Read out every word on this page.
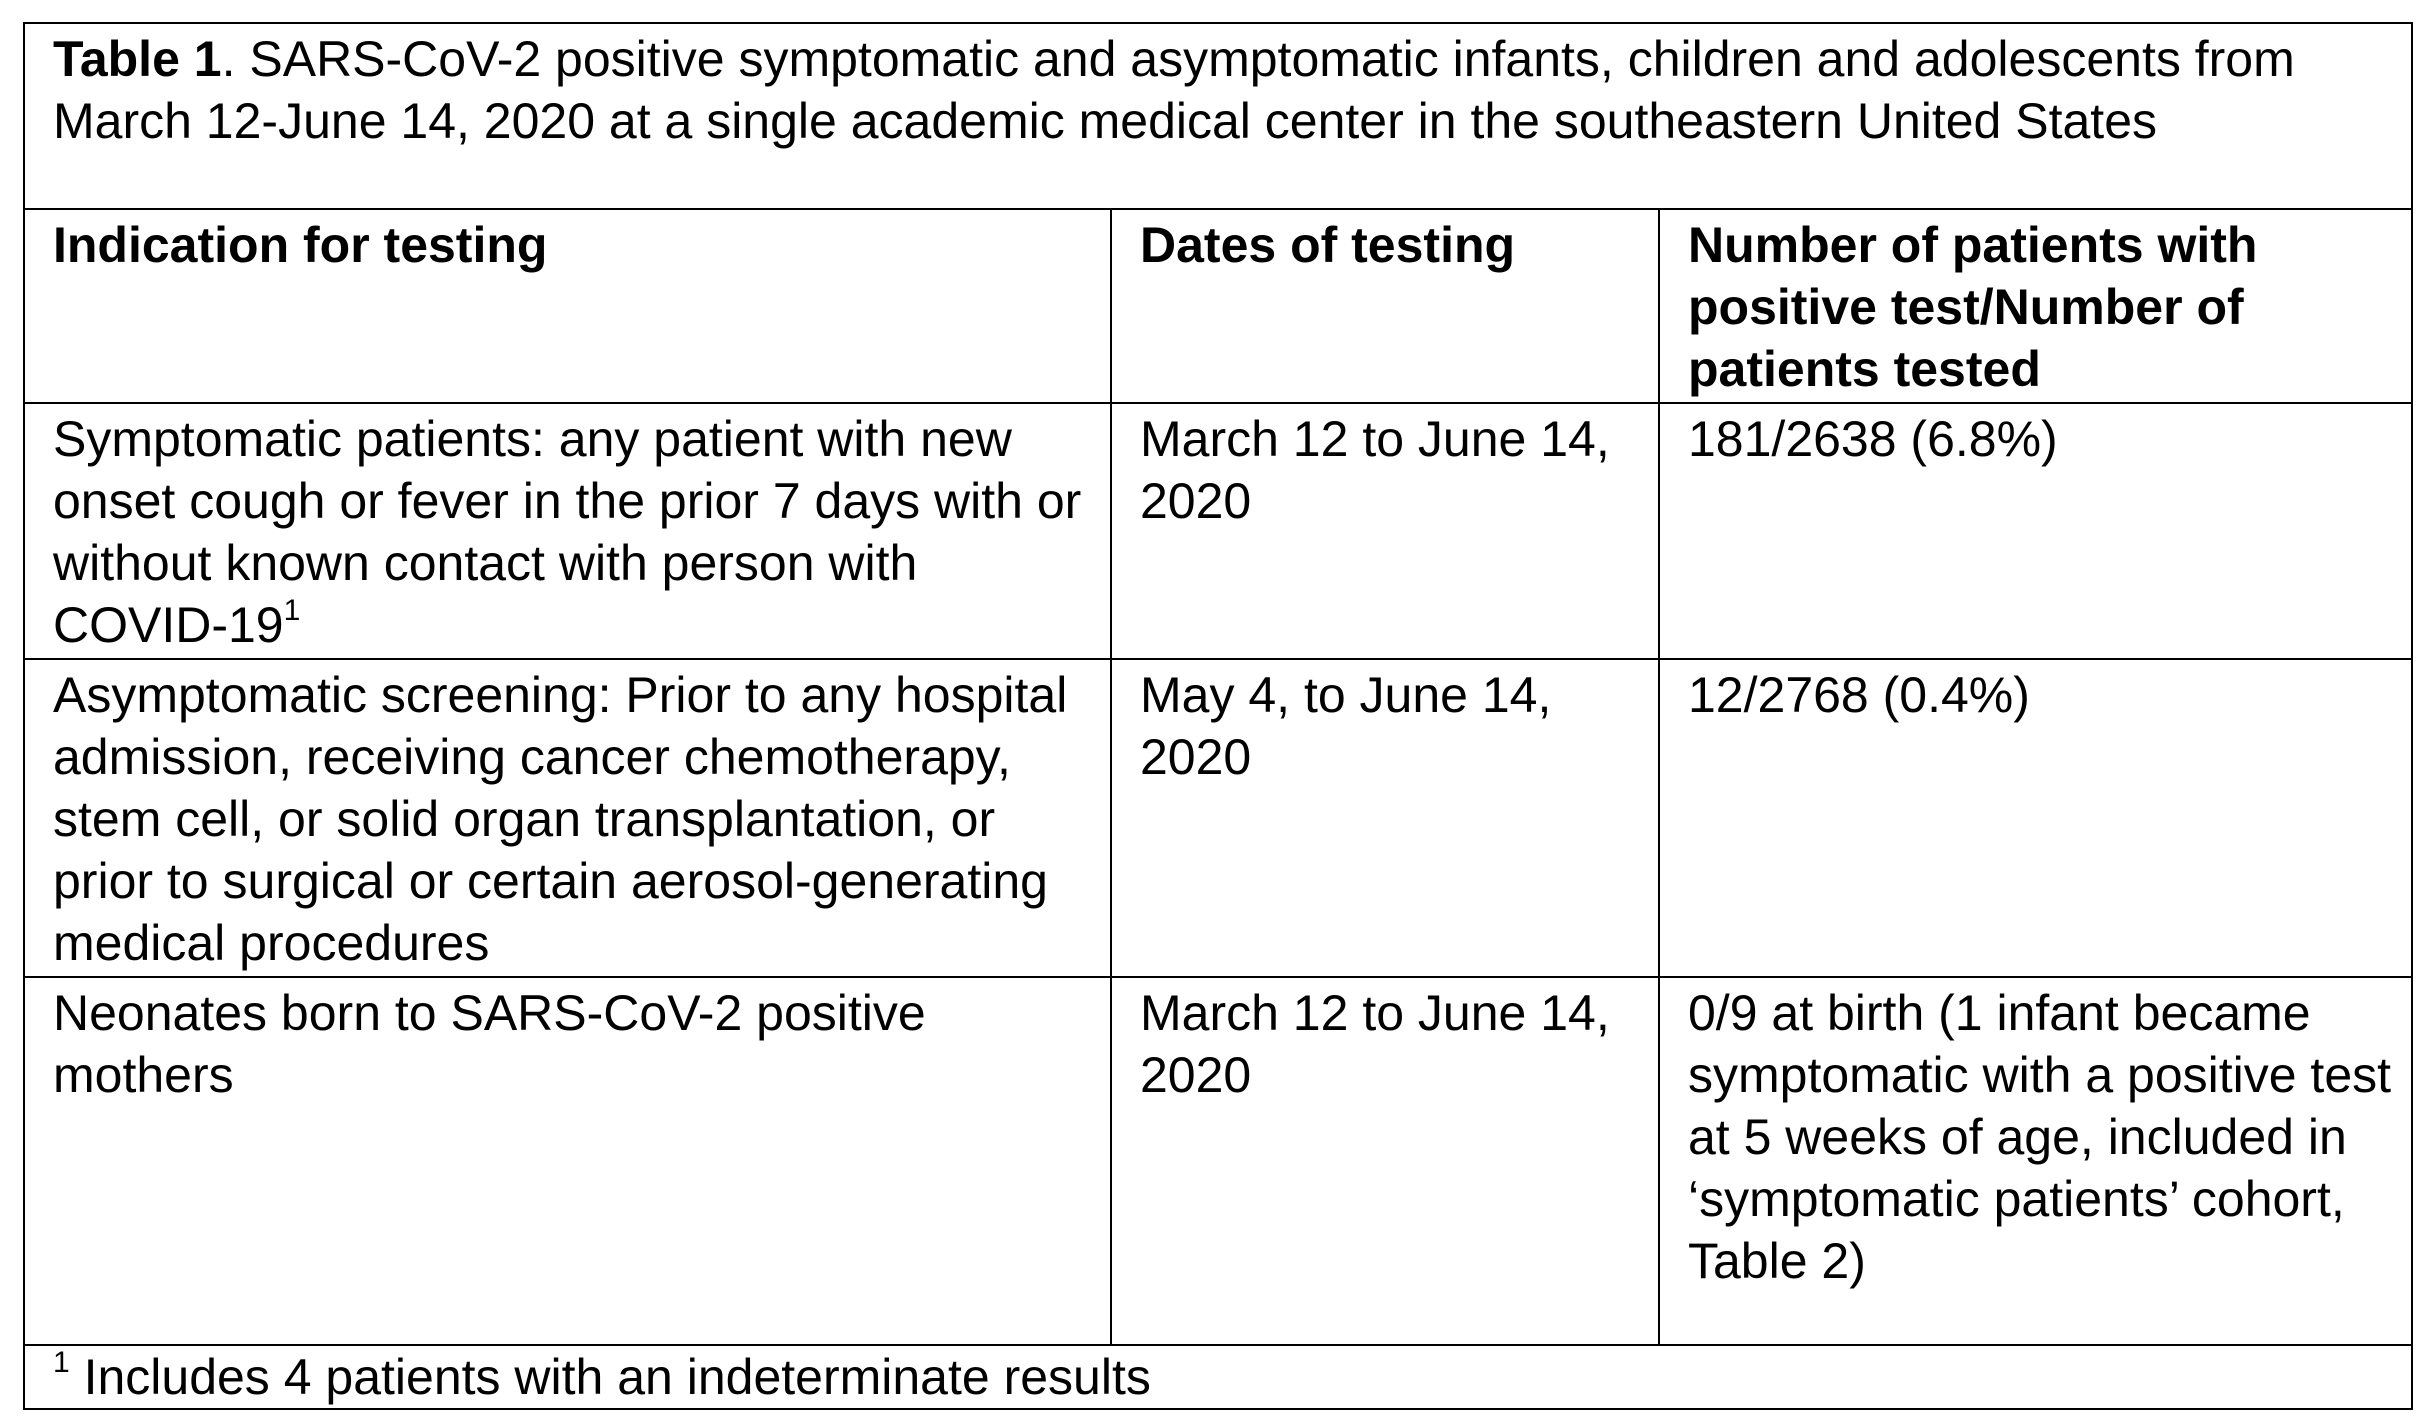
Table 1. SARS-CoV-2 positive symptomatic and asymptomatic infants, children and adolescents from March 12-June 14, 2020 at a single academic medical center in the southeastern United States		
Indication for testing	Dates of testing	Number of patients with positive test/Number of patients tested
Symptomatic patients: any patient with new onset cough or fever in the prior 7 days with or without known contact with person with COVID-$19^1$	March 12 to June 14, 2020	181/2638 (6.8%)
Asymptomatic screening: Prior to any hospital admission, receiving cancer chemotherapy, stem cell, or solid organ transplantation, or prior to surgical or certain aerosol-generating medical procedures	May 4, to June 14, 2020	12/2768 (0.4%)
Neonates born to SARS-CoV-2 positive mothers	March 12 to June 14, 2020	0/9 at birth (1 infant became symptomatic with a positive test at 5 weeks of age, included in ‘symptomatic patients’ cohort, Table 2)
$^1$ Includes 4 patients with an indeterminate results		
